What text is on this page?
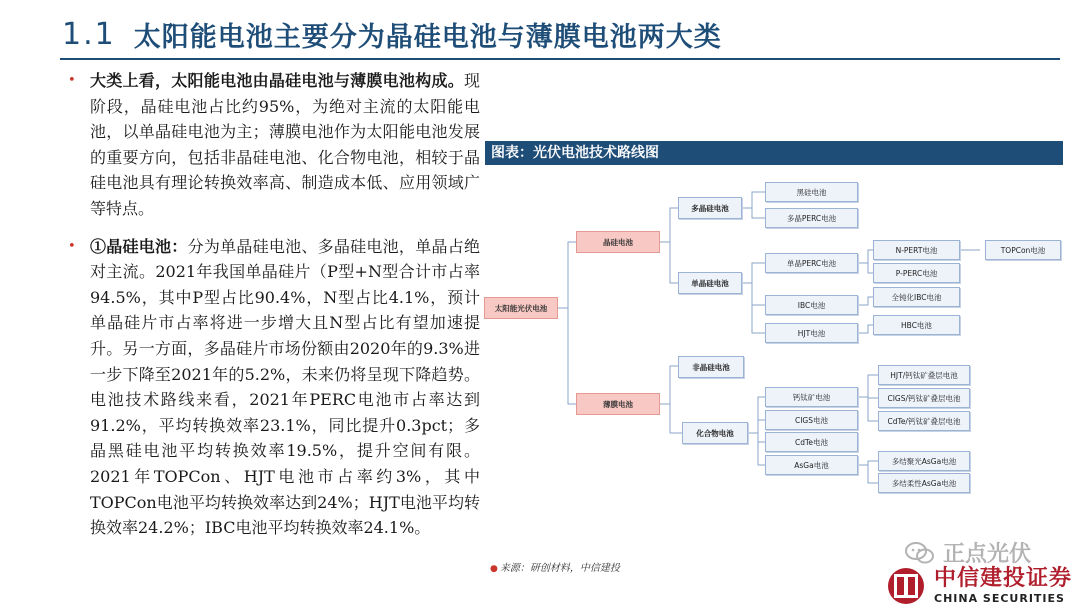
1.1 太阳能电池主要分为晶硅电池与薄膜电池两大类
• 大类上看，太阳能电池由晶硅电池与薄膜电池构成。现阶段，晶硅电池占比约95%，为绝对主流的太阳能电池，以单晶硅电池为主；薄膜电池作为太阳能电池发展的重要方向，包括非晶硅电池、化合物电池，相较于晶硅电池具有理论转换效率高、制造成本低、应用领域广等特点。
• ①晶硅电池：分为单晶硅电池、多晶硅电池，单晶占绝对主流。2021年我国单晶硅片（P型+N型合计市占率94.5%，其中P型占比90.4%，N型占比4.1%，预计单晶硅片市占率将进一步增大且N型占比有望加速提升。另一方面，多晶硅片市场份额由2020年的9.3%进一步下降至2021年的5.2%，未来仍将呈现下降趋势。电池技术路线来看，2021年PERC电池市占率达到91.2%，平均转换效率23.1%，同比提升0.3pct；多晶黑硅电池平均转换效率19.5%，提升空间有限。2021年TOPCon、HJT电池市占率约3%，其中TOPCon电池平均转换效率达到24%；HJT电池平均转换效率24.2%；IBC电池平均转换效率24.1%。
图表：光伏电池技术路线图
太阳能光伏电池
晶硅电池
薄膜电池
多晶硅电池
单晶硅电池
非晶硅电池
化合物电池
黑硅电池
多晶PERC电池
单晶PERC电池
IBC电池
HJT电池
钙钛矿电池
CIGS电池
CdTe电池
AsGa电池
N-PERT电池
P-PERC电池
全钝化IBC电池
HBC电池
HJT/钙钛矿叠层电池
CIGS/钙钛矿叠层电池
CdTe/钙钛矿叠层电池
多结聚光AsGa电池
多结柔性AsGa电池
TOPCon电池
● 来源：研创材料，中信建投
正点光伏
中信建投证券
CHINA SECURITIES
